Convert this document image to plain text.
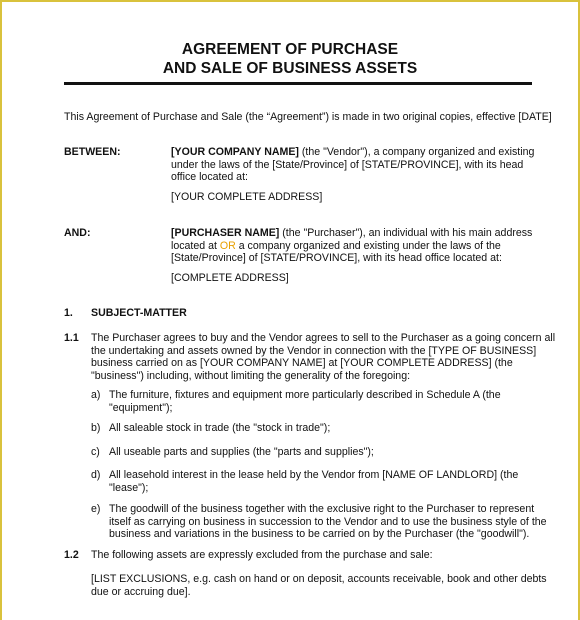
AGREEMENT OF PURCHASE
AND SALE OF BUSINESS ASSETS
This Agreement of Purchase and Sale (the “Agreement”) is made in two original copies, effective [DATE]
BETWEEN:	[YOUR COMPANY NAME] (the "Vendor"), a company organized and existing
under the laws of the [State/Province] of [STATE/PROVINCE], with its head
office located at:
[YOUR COMPLETE ADDRESS]
AND:	[PURCHASER NAME] (the "Purchaser"), an individual with his main address
located at OR a company organized and existing under the laws of the
[State/Province] of [STATE/PROVINCE], with its head office located at:
[COMPLETE ADDRESS]
1. SUBJECT-MATTER
1.1 The Purchaser agrees to buy and the Vendor agrees to sell to the Purchaser as a going concern all
the undertaking and assets owned by the Vendor in connection with the [TYPE OF BUSINESS]
business carried on as [YOUR COMPANY NAME] at [YOUR COMPLETE ADDRESS] (the
"business") including, without limiting the generality of the foregoing:
a) The furniture, fixtures and equipment more particularly described in Schedule A (the
"equipment");
b) All saleable stock in trade (the "stock in trade");
c) All useable parts and supplies (the "parts and supplies");
d) All leasehold interest in the lease held by the Vendor from [NAME OF LANDLORD] (the
"lease");
e) The goodwill of the business together with the exclusive right to the Purchaser to represent
itself as carrying on business in succession to the Vendor and to use the business style of the
business and variations in the business to be carried on by the Purchaser (the "goodwill").
1.2 The following assets are expressly excluded from the purchase and sale:
[LIST EXCLUSIONS, e.g. cash on hand or on deposit, accounts receivable, book and other debts
due or accruing due].
